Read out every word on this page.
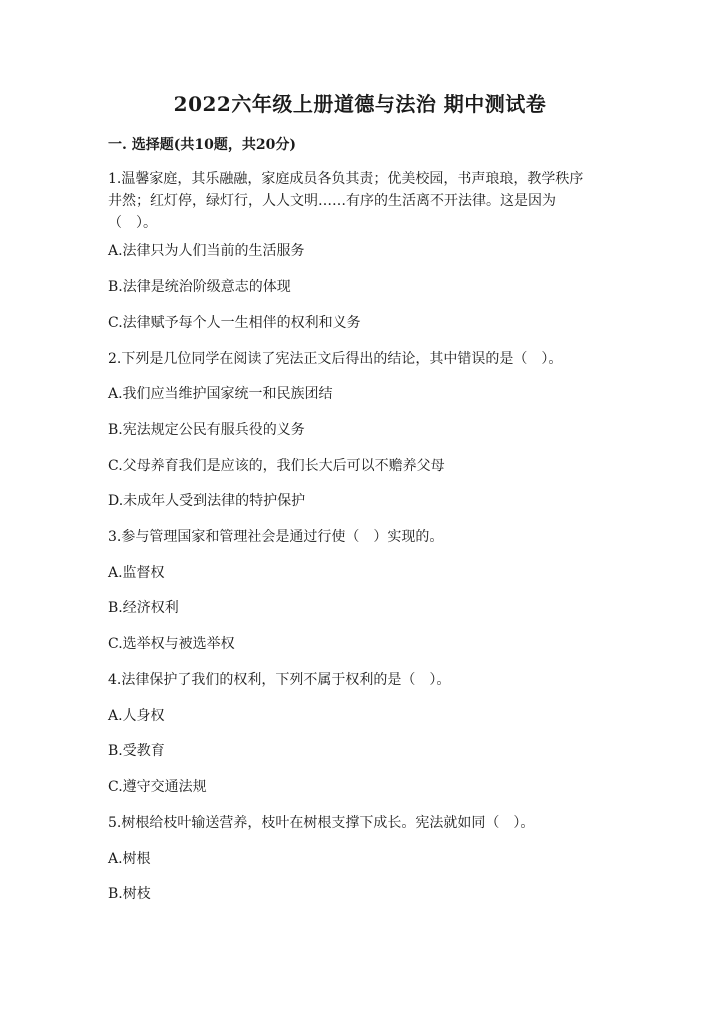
2022六年级上册道德与法治 期中测试卷
一. 选择题(共10题，共20分)
1.温馨家庭，其乐融融，家庭成员各负其责；优美校园，书声琅琅，教学秩序
井然；红灯停，绿灯行，人人文明……有序的生活离不开法律。这是因为
（　）。
A.法律只为人们当前的生活服务
B.法律是统治阶级意志的体现
C.法律赋予每个人一生相伴的权利和义务
2.下列是几位同学在阅读了宪法正文后得出的结论，其中错误的是（　）。
A.我们应当维护国家统一和民族团结
B.宪法规定公民有服兵役的义务
C.父母养育我们是应该的，我们长大后可以不赡养父母
D.未成年人受到法律的特护保护
3.参与管理国家和管理社会是通过行使（　）实现的。
A.监督权
B.经济权利
C.选举权与被选举权
4.法律保护了我们的权利，下列不属于权利的是（　）。
A.人身权
B.受教育
C.遵守交通法规
5.树根给枝叶输送营养，枝叶在树根支撑下成长。宪法就如同（　）。
A.树根
B.树枝
